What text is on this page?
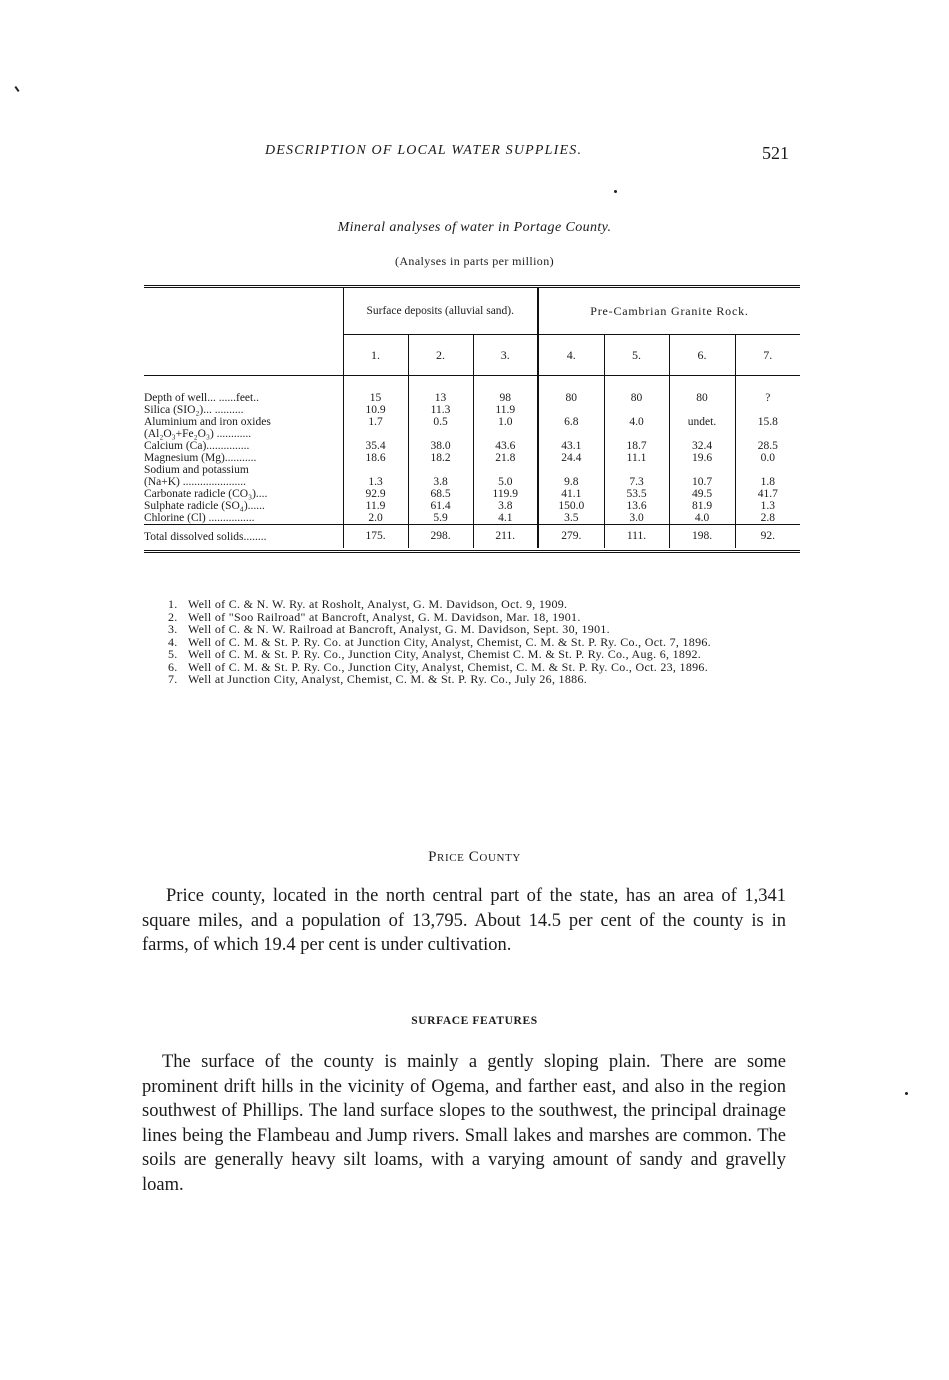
DESCRIPTION OF LOCAL WATER SUPPLIES.	521
Mineral analyses of water in Portage County.
(Analyses in parts per million)
	Surface deposits (alluvial sand).			Pre-Cambrian Granite Rock.			
	1.	2.	3.	4.	5.	6.	7.

Depth of well... ......feet..	15	13	98	80	80	80	?
Silica (SIO₂)... ..........	10.9	11.3	11.9				
Aluminium and iron oxides	1.7	0.5	1.0	6.8	4.0	undet.	15.8
(Al₂O₃+Fe₂O₃) ............							
Calcium (Ca)...............	35.4	38.0	43.6	43.1	18.7	32.4	28.5
Magnesium (Mg)...........	18.6	18.2	21.8	24.4	11.1	19.6	0.0
Sodium and potassium							
(Na+K) ......................	1.3	3.8	5.0	9.8	7.3	10.7	1.8
Carbonate radicle (CO₃)....	92.9	68.5	119.9	41.1	53.5	49.5	41.7
Sulphate radicle (SO₄)......	11.9	61.4	3.8	150.0	13.6	81.9	1.3
Chlorine (Cl) ................	2.0	5.9	4.1	3.5	3.0	4.0	2.8
Total dissolved solids........	175.	298.	211.	279.	111.	198.	92.
1. Well of C. & N. W. Ry. at Rosholt, Analyst, G. M. Davidson, Oct. 9, 1909.
2. Well of "Soo Railroad" at Bancroft, Analyst, G. M. Davidson, Mar. 18, 1901.
3. Well of C. & N. W. Railroad at Bancroft, Analyst, G. M. Davidson, Sept. 30, 1901.
4. Well of C. M. & St. P. Ry. Co. at Junction City, Analyst, Chemist, C. M. & St. P. Ry. Co., Oct. 7, 1896.
5. Well of C. M. & St. P. Ry. Co., Junction City, Analyst, Chemist C. M. & St. P. Ry. Co., Aug. 6, 1892.
6. Well of C. M. & St. P. Ry. Co., Junction City, Analyst, Chemist, C. M. & St. P. Ry. Co., Oct. 23, 1896.
7. Well at Junction City, Analyst, Chemist, C. M. & St. P. Ry. Co., July 26, 1886.
Price County

Price county, located in the north central part of the state, has an area of 1,341 square miles, and a population of 13,795. About 14.5 per cent of the county is in farms, of which 19.4 per cent is under cultivation.

SURFACE FEATURES

The surface of the county is mainly a gently sloping plain. There are some prominent drift hills in the vicinity of Ogema, and farther east, and also in the region southwest of Phillips. The land surface slopes to the southwest, the principal drainage lines being the Flambeau and Jump rivers. Small lakes and marshes are common. The soils are generally heavy silt loams, with a varying amount of sandy and gravelly loam.
